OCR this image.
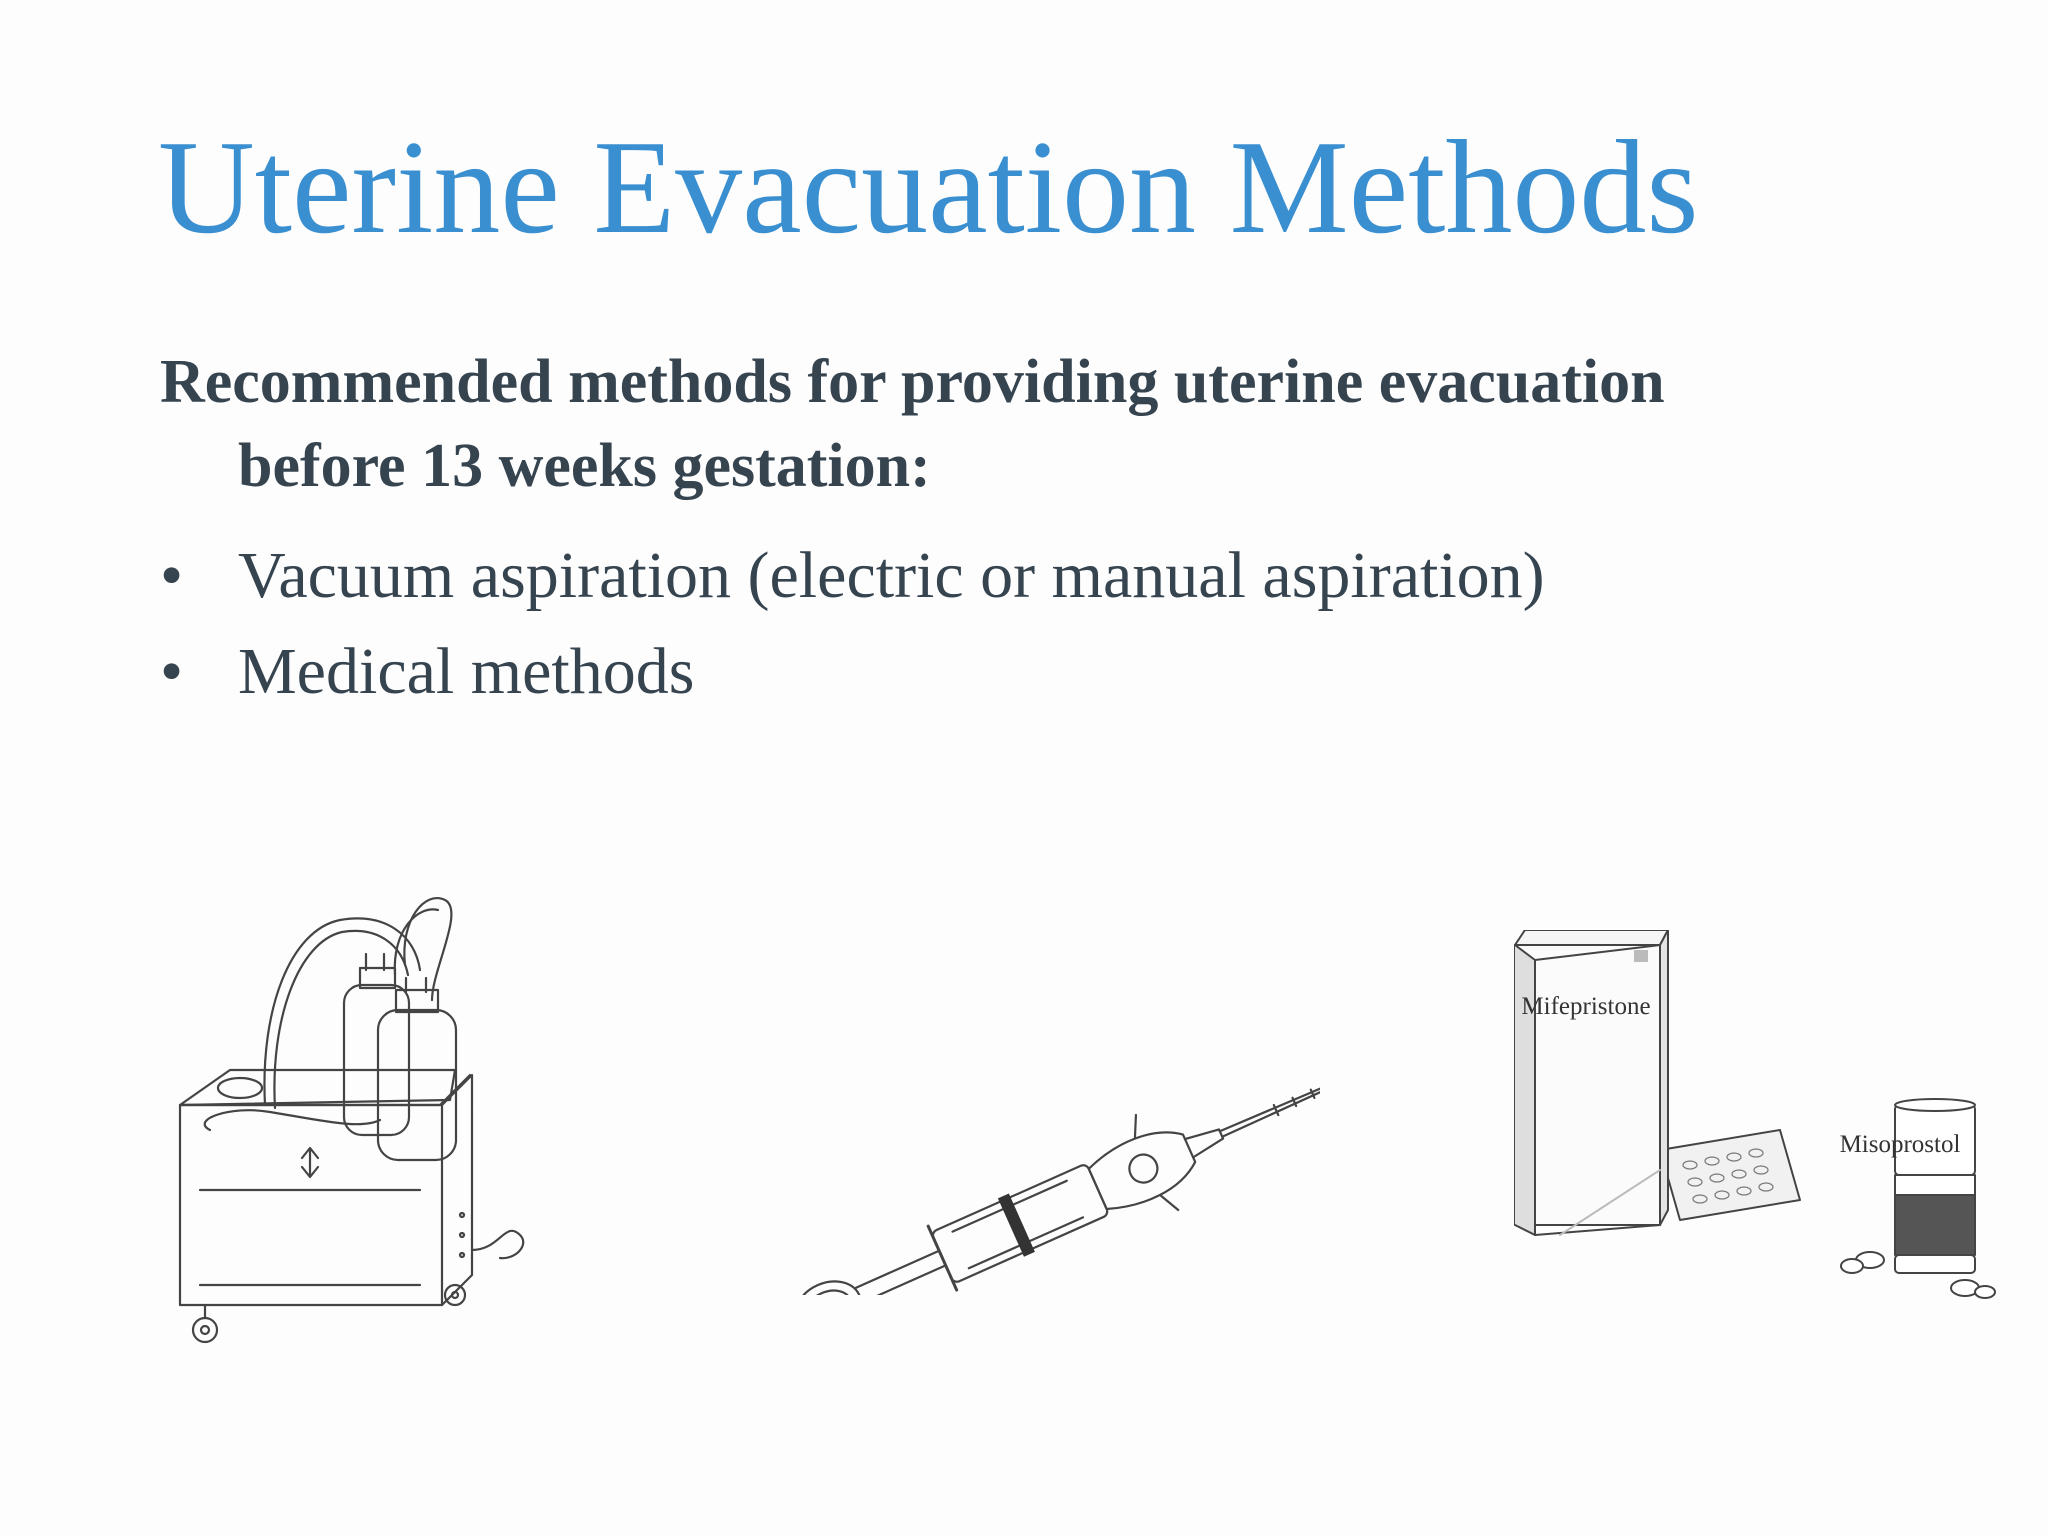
Uterine Evacuation Methods

Recommended methods for providing uterine evacuation
before 13 weeks gestation:

• Vacuum aspiration (electric or manual aspiration)
• Medical methods
Mifepristone
Misoprostol
